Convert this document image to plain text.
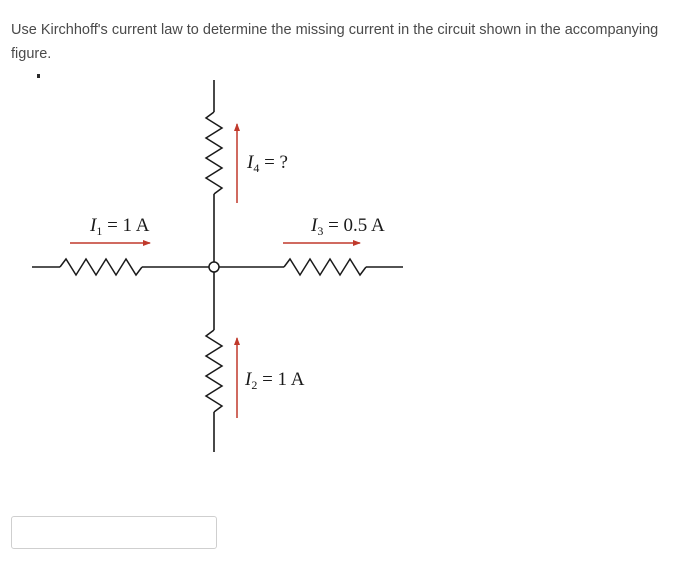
Use Kirchhoff's current law to determine the missing current in the circuit shown in the accompanying figure.
$I_1 = 1$ A	$I_3 = 0.5$ A
$I_4$ = ?
$I_2 = 1$ A
